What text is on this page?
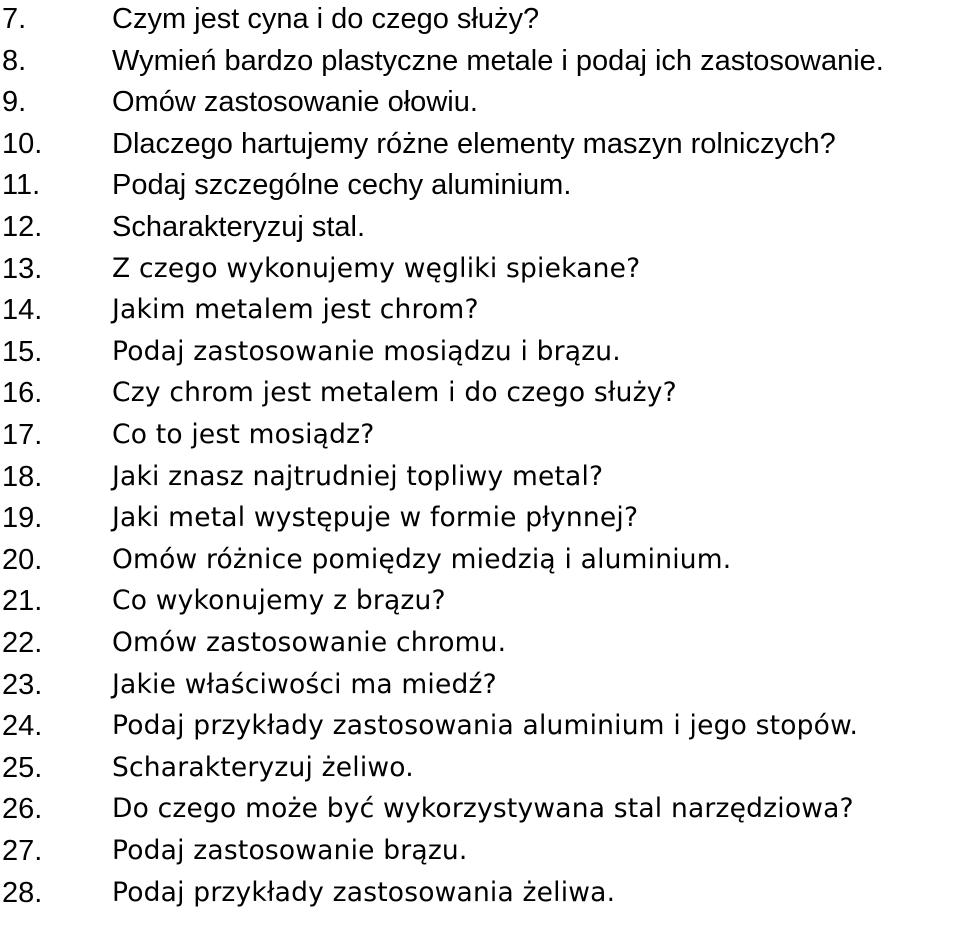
7.	Czym jest cyna i do czego służy?
8.	Wymień bardzo plastyczne metale i podaj ich zastosowanie.
9.	Omów zastosowanie ołowiu.
10. Dlaczego hartujemy różne elementy maszyn rolniczych?
11. Podaj szczególne cechy aluminium.
12. Scharakteryzuj stal.
13.	Z czego wykonujemy węgliki spiekane?
14.	Jakim metalem jest chrom?
15.	Podaj zastosowanie mosiądzu i brązu.
16.	Czy chrom jest metalem i do czego służy?
17.	Co to jest mosiądz?
18.	Jaki znasz najtrudniej topliwy metal?
19.	Jaki metal występuje w formie płynnej?
20.	Omów różnice pomiędzy miedzią i aluminium.
21.	Co wykonujemy z brązu?
22.	Omów zastosowanie chromu.
23.	Jakie właściwości ma miedź?
24.	Podaj przykłady zastosowania aluminium i jego stopów.
25.	Scharakteryzuj żeliwo.
26.	Do czego może być wykorzystywana stal narzędziowa?
27.	Podaj zastosowanie brązu.
28.	Podaj przykłady zastosowania żeliwa.
